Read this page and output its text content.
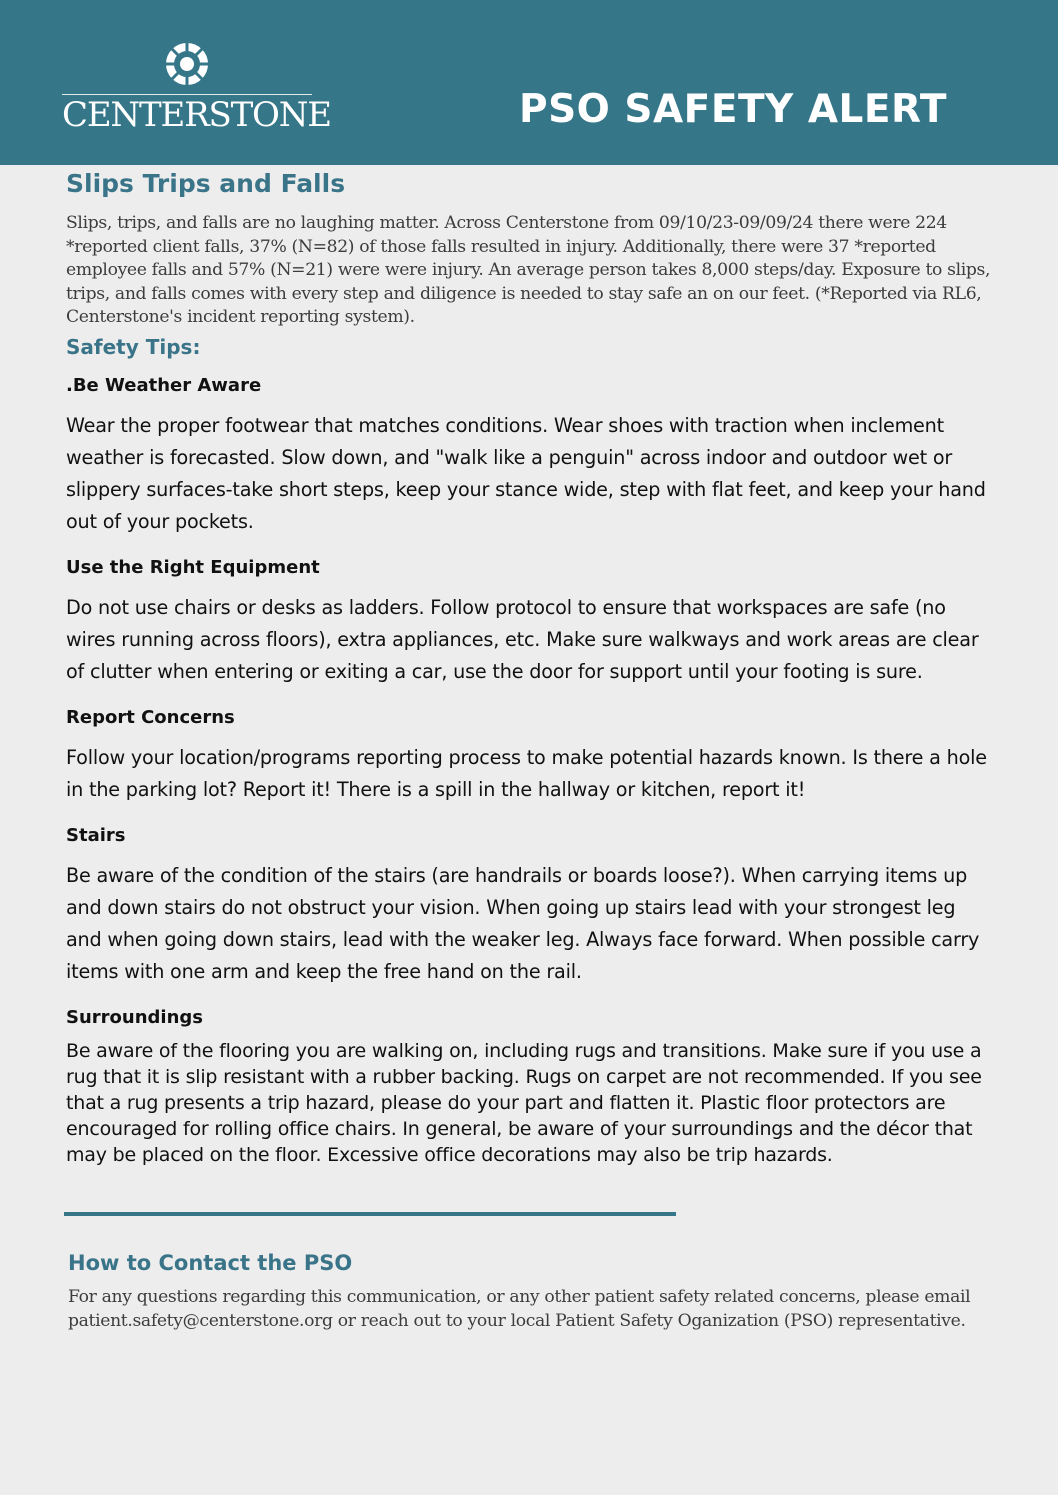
CENTERSTONE	PSO SAFETY ALERT
Slips Trips and Falls

Slips, trips, and falls are no laughing matter. Across Centerstone from 09/10/23-09/09/24 there were 224 *reported client falls, 37% (N=82) of those falls resulted in injury. Additionally, there were 37 *reported employee falls and 57% (N=21) were were injury. An average person takes 8,000 steps/day. Exposure to slips, trips, and falls comes with every step and diligence is needed to stay safe an on our feet. (*Reported via RL6, Centerstone's incident reporting system).

Safety Tips:
.Be Weather Aware
Wear the proper footwear that matches conditions. Wear shoes with traction when inclement weather is forecasted. Slow down, and "walk like a penguin" across indoor and outdoor wet or slippery surfaces-take short steps, keep your stance wide, step with flat feet, and keep your hand out of your pockets.
Use the Right Equipment
Do not use chairs or desks as ladders. Follow protocol to ensure that workspaces are safe (no wires running across floors), extra appliances, etc. Make sure walkways and work areas are clear of clutter when entering or exiting a car, use the door for support until your footing is sure.
Report Concerns
Follow your location/programs reporting process to make potential hazards known. Is there a hole in the parking lot? Report it! There is a spill in the hallway or kitchen, report it!
Stairs
Be aware of the condition of the stairs (are handrails or boards loose?). When carrying items up and down stairs do not obstruct your vision. When going up stairs lead with your strongest leg and when going down stairs, lead with the weaker leg. Always face forward. When possible carry items with one arm and keep the free hand on the rail.
Surroundings
Be aware of the flooring you are walking on, including rugs and transitions. Make sure if you use a rug that it is slip resistant with a rubber backing. Rugs on carpet are not recommended. If you see that a rug presents a trip hazard, please do your part and flatten it. Plastic floor protectors are encouraged for rolling office chairs. In general, be aware of your surroundings and the décor that may be placed on the floor. Excessive office decorations may also be trip hazards.
How to Contact the PSO

For any questions regarding this communication, or any other patient safety related concerns, please email patient.safety@centerstone.org or reach out to your local Patient Safety Oganization (PSO) representative.
